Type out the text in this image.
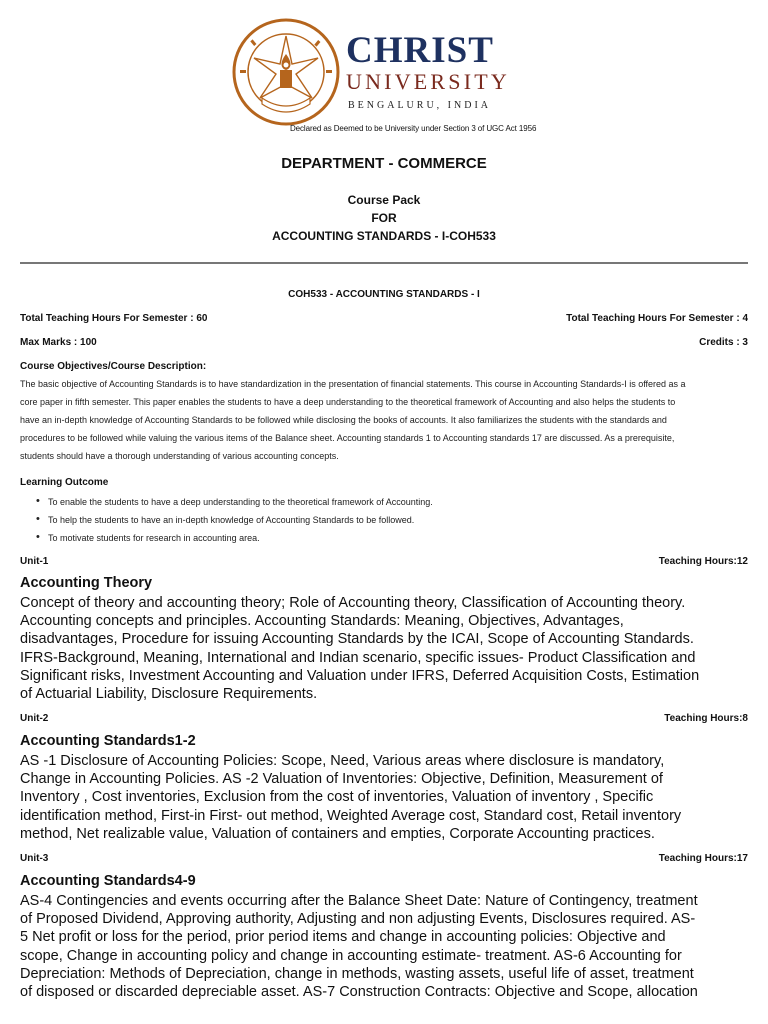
CHRIST
UNIVERSITY
BENGALURU, INDIA
Declared as Deemed to be University under Section 3 of UGC Act 1956
DEPARTMENT - COMMERCE
Course Pack
FOR
ACCOUNTING STANDARDS - I-COH533
COH533 - ACCOUNTING STANDARDS - I
Total Teaching Hours For Semester : 60	Total Teaching Hours For Semester : 4
Max Marks : 100	Credits : 3
Course Objectives/Course Description:
The basic objective of Accounting Standards is to have standardization in the presentation of financial statements. This course in Accounting Standards-I is offered as a
core paper in fifth semester. This paper enables the students to have a deep understanding to the theoretical framework of Accounting and also helps the students to
have an in-depth knowledge of Accounting Standards to be followed while disclosing the books of accounts. It also familiarizes the students with the standards and
procedures to be followed while valuing the various items of the Balance sheet. Accounting standards 1 to Accounting standards 17 are discussed. As a prerequisite,
students should have a thorough understanding of various accounting concepts.
Learning Outcome
• To enable the students to have a deep understanding to the theoretical framework of Accounting.
• To help the students to have an in-depth knowledge of Accounting Standards to be followed.
• To motivate students for research in accounting area.
Unit-1	Teaching Hours:12
Accounting Theory
Concept of theory and accounting theory; Role of Accounting theory, Classification of Accounting theory.
Accounting concepts and principles. Accounting Standards: Meaning, Objectives, Advantages,
disadvantages, Procedure for issuing Accounting Standards by the ICAI, Scope of Accounting Standards.
IFRS-Background, Meaning, International and Indian scenario, specific issues- Product Classification and
Significant risks, Investment Accounting and Valuation under IFRS, Deferred Acquisition Costs, Estimation
of Actuarial Liability, Disclosure Requirements.
Unit-2	Teaching Hours:8
Accounting Standards1-2
AS -1 Disclosure of Accounting Policies: Scope, Need, Various areas where disclosure is mandatory,
Change in Accounting Policies. AS -2 Valuation of Inventories: Objective, Definition, Measurement of
Inventory , Cost inventories, Exclusion from the cost of inventories, Valuation of inventory , Specific
identification method, First-in First- out method, Weighted Average cost, Standard cost, Retail inventory
method, Net realizable value, Valuation of containers and empties, Corporate Accounting practices.
Unit-3	Teaching Hours:17
Accounting Standards4-9
AS-4 Contingencies and events occurring after the Balance Sheet Date: Nature of Contingency, treatment
of Proposed Dividend, Approving authority, Adjusting and non adjusting Events, Disclosures required. AS-
5 Net profit or loss for the period, prior period items and change in accounting policies: Objective and
scope, Change in accounting policy and change in accounting estimate- treatment. AS-6 Accounting for
Depreciation: Methods of Depreciation, change in methods, wasting assets, useful life of asset, treatment
of disposed or discarded depreciable asset. AS-7 Construction Contracts: Objective and Scope, allocation
